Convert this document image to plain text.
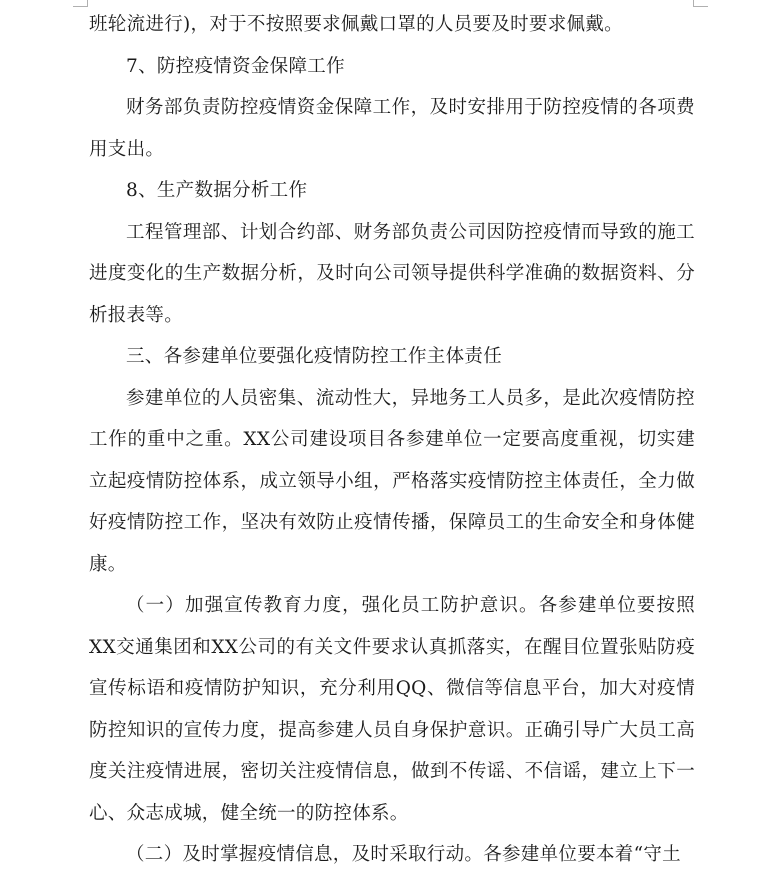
班轮流进行)，对于不按照要求佩戴口罩的人员要及时要求佩戴。

7、防控疫情资金保障工作

财务部负责防控疫情资金保障工作，及时安排用于防控疫情的各项费用支出。

8、生产数据分析工作

工程管理部、计划合约部、财务部负责公司因防控疫情而导致的施工进度变化的生产数据分析，及时向公司领导提供科学准确的数据资料、分析报表等。

三、各参建单位要强化疫情防控工作主体责任

参建单位的人员密集、流动性大，异地务工人员多，是此次疫情防控工作的重中之重。XX公司建设项目各参建单位一定要高度重视，切实建立起疫情防控体系，成立领导小组，严格落实疫情防控主体责任，全力做好疫情防控工作，坚决有效防止疫情传播，保障员工的生命安全和身体健康。

（一）加强宣传教育力度，强化员工防护意识。各参建单位要按照XX交通集团和XX公司的有关文件要求认真抓落实，在醒目位置张贴防疫宣传标语和疫情防护知识，充分利用QQ、微信等信息平台，加大对疫情防控知识的宣传力度，提高参建人员自身保护意识。正确引导广大员工高度关注疫情进展，密切关注疫情信息，做到不传谣、不信谣，建立上下一心、众志成城，健全统一的防控体系。

（二）及时掌握疫情信息，及时采取行动。各参建单位要本着“守土
